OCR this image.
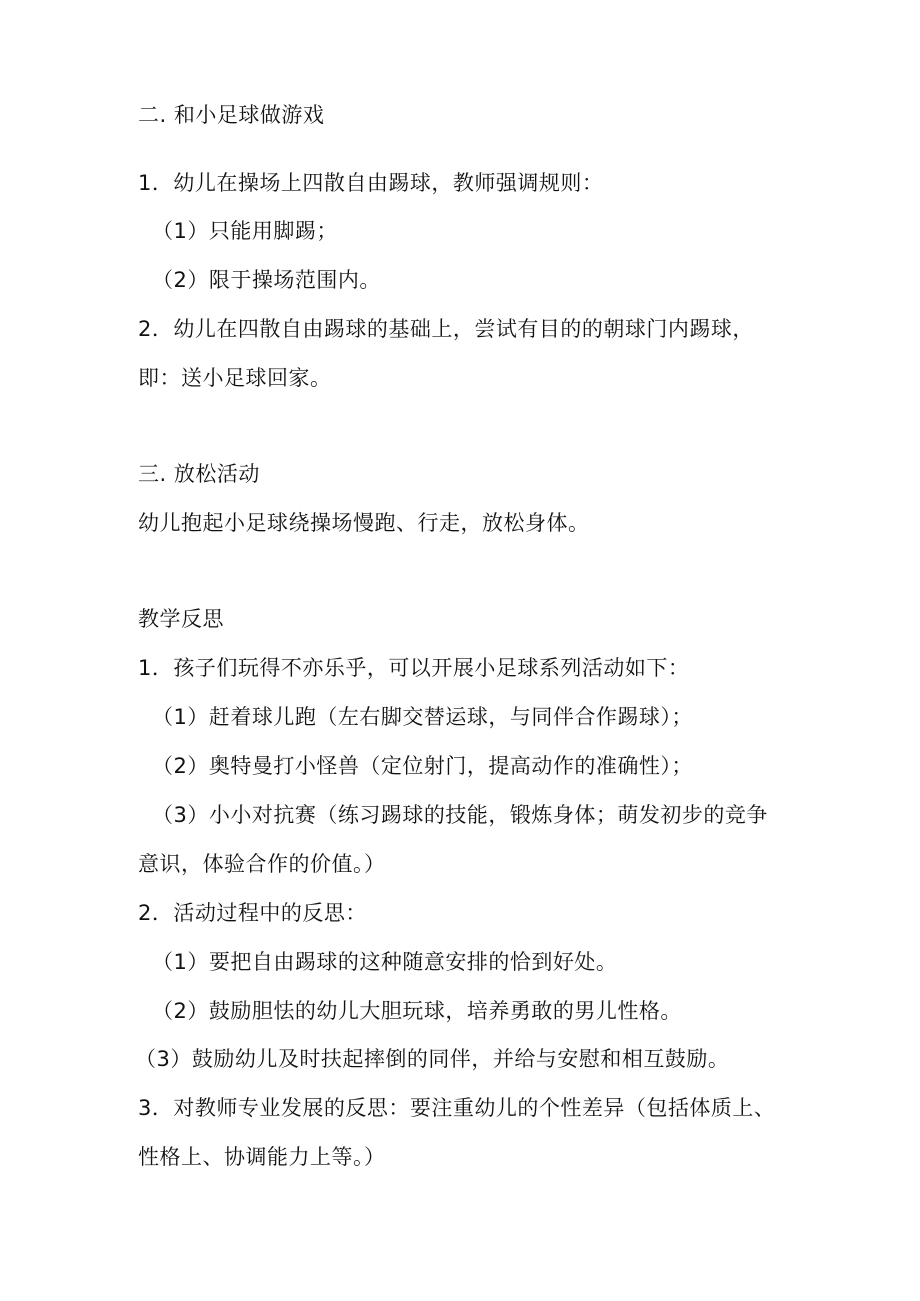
二. 和小足球做游戏
1．幼儿在操场上四散自由踢球，教师强调规则：
（1）只能用脚踢；
（2）限于操场范围内。
2．幼儿在四散自由踢球的基础上，尝试有目的的朝球门内踢球，
即：送小足球回家。
三. 放松活动
幼儿抱起小足球绕操场慢跑、行走，放松身体。
教学反思
1．孩子们玩得不亦乐乎，可以开展小足球系列活动如下：
（1）赶着球儿跑（左右脚交替运球，与同伴合作踢球）；
（2）奥特曼打小怪兽（定位射门，提高动作的准确性）；
（3）小小对抗赛（练习踢球的技能，锻炼身体；萌发初步的竞争
意识，体验合作的价值。）
2．活动过程中的反思：
（1）要把自由踢球的这种随意安排的恰到好处。
（2）鼓励胆怯的幼儿大胆玩球，培养勇敢的男儿性格。
（3）鼓励幼儿及时扶起摔倒的同伴，并给与安慰和相互鼓励。
3．对教师专业发展的反思：要注重幼儿的个性差异（包括体质上、
性格上、协调能力上等。）
